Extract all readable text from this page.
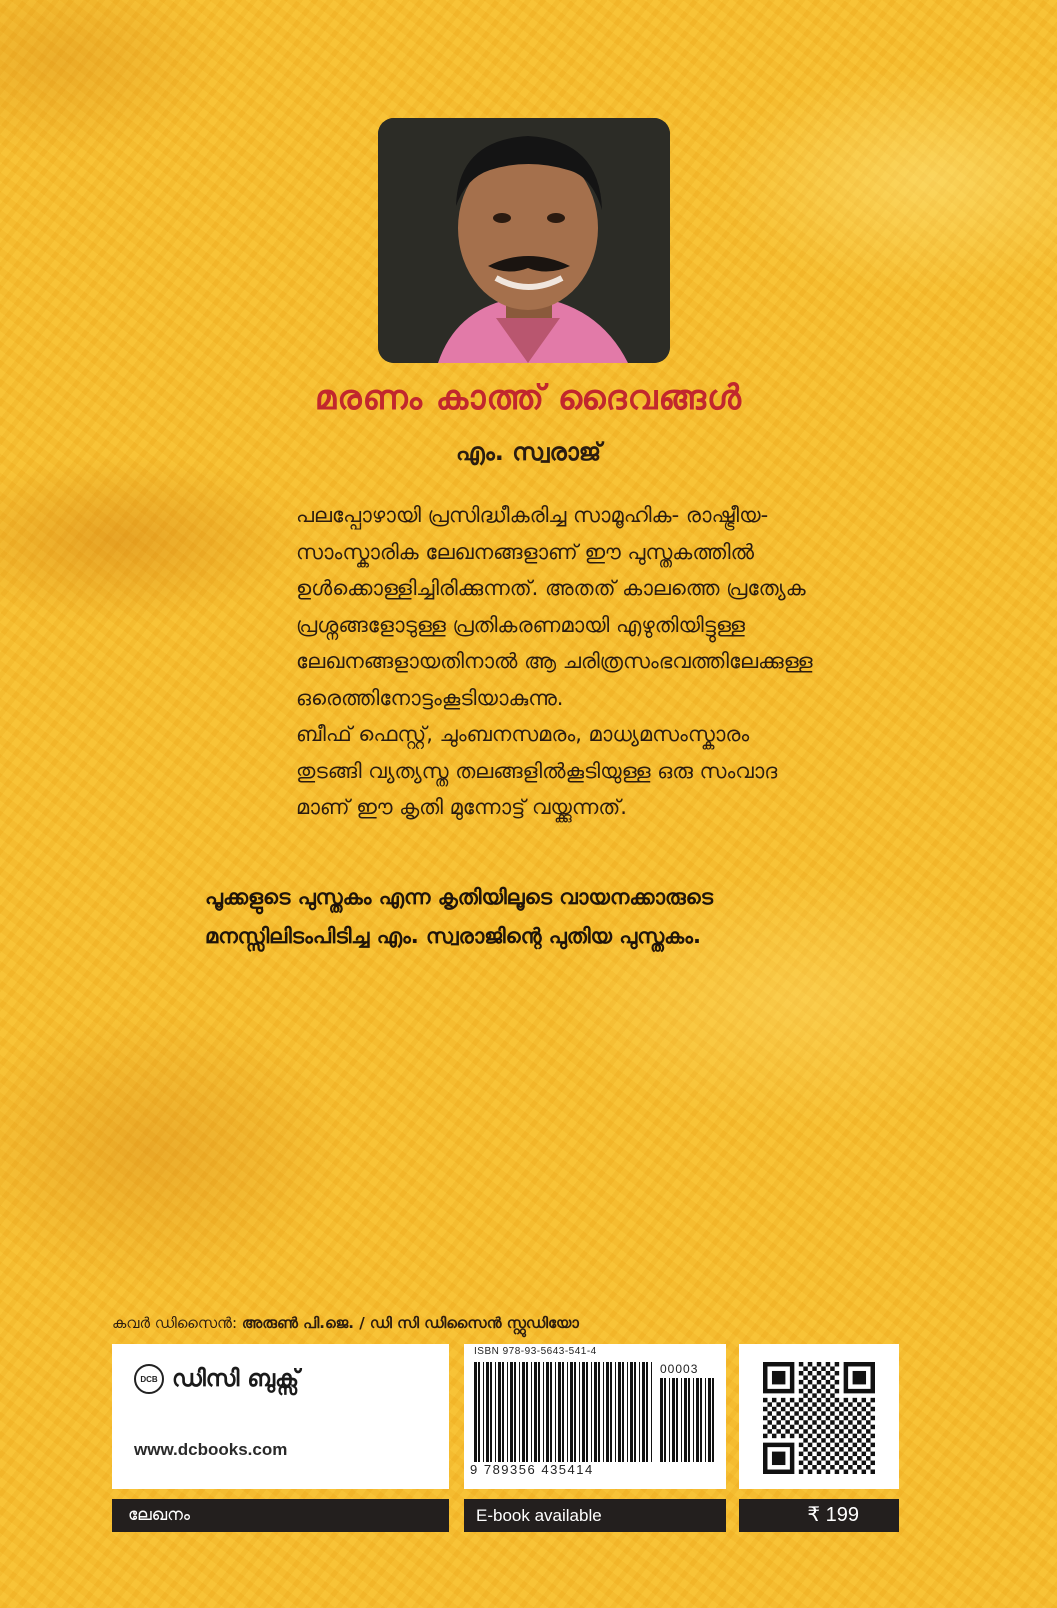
മരണം കാത്ത് ദൈവങ്ങൾ
എം. സ്വരാജ്
പലപ്പോഴായി പ്രസിദ്ധീകരിച്ച സാമൂഹിക- രാഷ്ട്രീയ-
സാംസ്കാരിക ലേഖനങ്ങളാണ് ഈ പുസ്തകത്തിൽ
ഉൾക്കൊള്ളിച്ചിരിക്കുന്നത്. അതത് കാലത്തെ പ്രത്യേക
പ്രശ്നങ്ങളോടുള്ള പ്രതികരണമായി എഴുതിയിട്ടുള്ള
ലേഖനങ്ങളായതിനാൽ ആ ചരിത്രസംഭവത്തിലേക്കുള്ള
ഒരെത്തിനോട്ടംകൂടിയാകുന്നു.
ബീഫ് ഫെസ്റ്റ്, ചുംബനസമരം, മാധ്യമസംസ്കാരം
തുടങ്ങി വ്യത്യസ്ത തലങ്ങളിൽകൂടിയുള്ള ഒരു സംവാദ
മാണ് ഈ കൃതി മുന്നോട്ട് വയ്ക്കുന്നത്.
പൂക്കളുടെ പുസ്തകം എന്ന കൃതിയിലൂടെ വായനക്കാരുടെ
മനസ്സിലിടംപിടിച്ച എം. സ്വരാജിന്റെ പുതിയ പുസ്തകം.
കവർ ഡിസൈൻ: അരുൺ പി.ജെ. / ഡി സി ഡിസൈൻ സ്റ്റുഡിയോ
DCB ഡിസി ബുക്സ്
www.dcbooks.com
ISBN 978-93-5643-541-4
00003
9 789356 435414
ലേഖനം	E-book available	₹ 199
